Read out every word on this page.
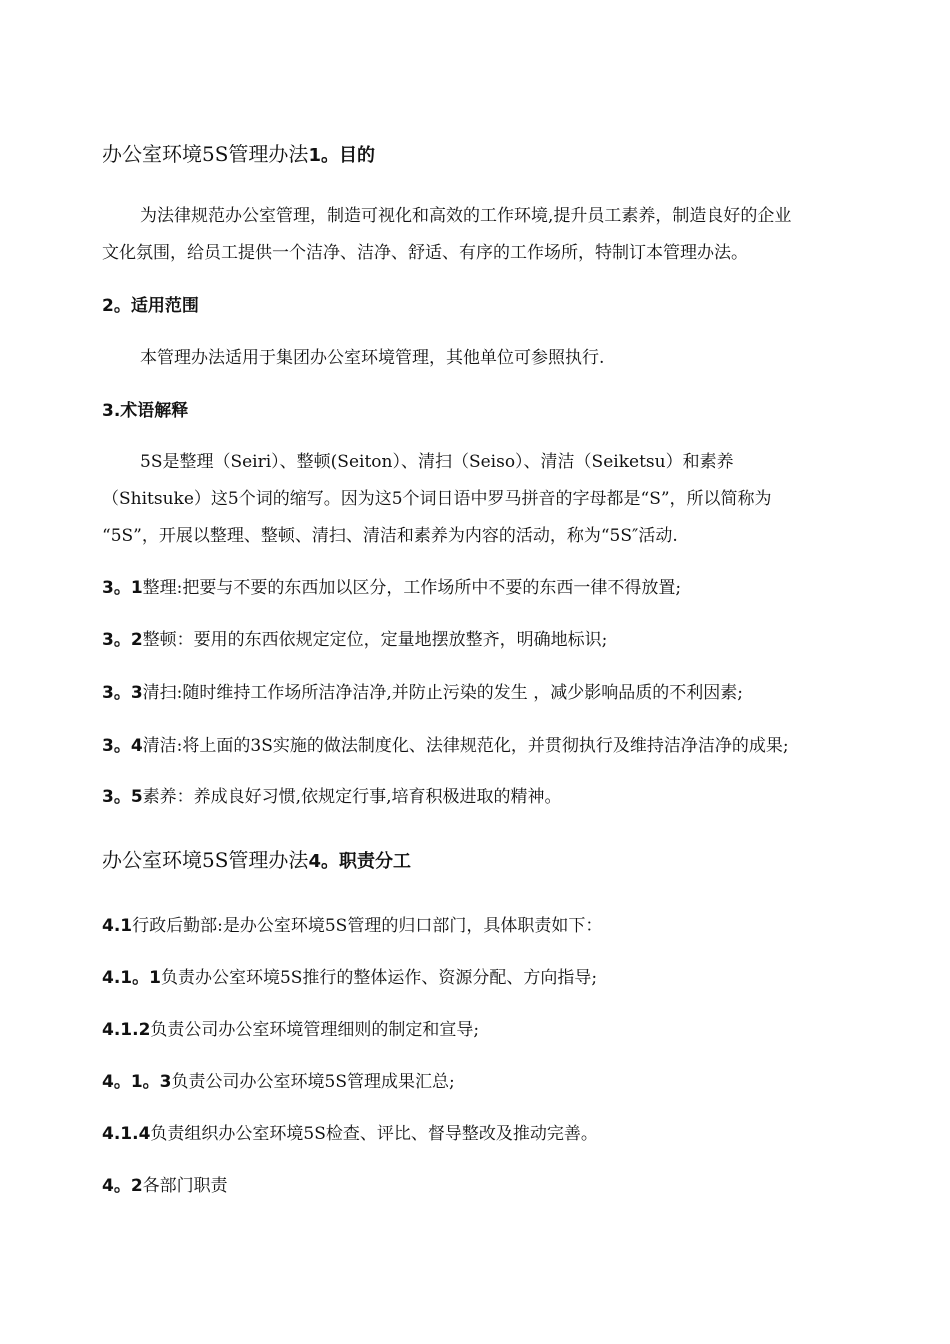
办公室环境5S管理办法1。目的
为法律规范办公室管理，制造可视化和高效的工作环境,提升员工素养，制造良好的企业
文化氛围，给员工提供一个洁净、洁净、舒适、有序的工作场所，特制订本管理办法。
2。适用范围
本管理办法适用于集团办公室环境管理，其他单位可参照执行.
3.术语解释
5S是整理（Seiri）、整顿(Seiton）、清扫（Seiso）、清洁（Seiketsu）和素养
（Shitsuke）这5个词的缩写。因为这5个词日语中罗马拼音的字母都是“S”，所以简称为
“5S”，开展以整理、整顿、清扫、清洁和素养为内容的活动，称为“5S″活动.
3。1整理:把要与不要的东西加以区分，工作场所中不要的东西一律不得放置;
3。2整顿：要用的东西依规定定位，定量地摆放整齐，明确地标识;
3。3清扫:随时维持工作场所洁净洁净,并防止污染的发生 ，减少影响品质的不利因素;
3。4清洁:将上面的3S实施的做法制度化、法律规范化，并贯彻执行及维持洁净洁净的成果;
3。5素养：养成良好习惯,依规定行事,培育积极进取的精神。
办公室环境5S管理办法4。职责分工
4.1行政后勤部:是办公室环境5S管理的归口部门，具体职责如下：
4.1。1负责办公室环境5S推行的整体运作、资源分配、方向指导;
4.1.2负责公司办公室环境管理细则的制定和宣导;
4。1。3负责公司办公室环境5S管理成果汇总;
4.1.4负责组织办公室环境5S检查、评比、督导整改及推动完善。
4。2各部门职责
